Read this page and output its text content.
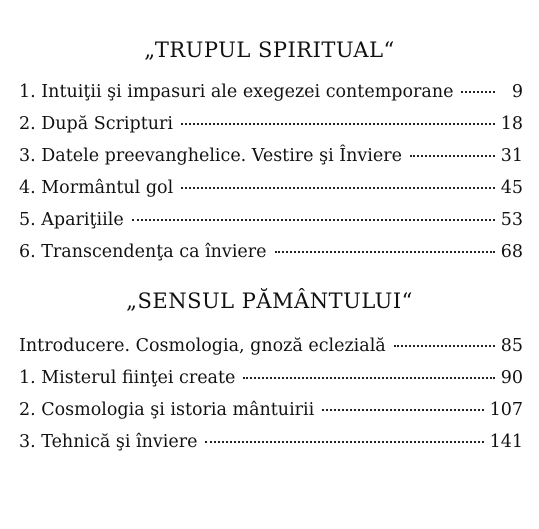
„TRUPUL SPIRITUAL“
1. Intuiţii şi impasuri ale exegezei contemporane	9
2. După Scripturi	18
3. Datele preevanghelice. Vestire şi Înviere	31
4. Mormântul gol	45
5. Apariţiile	53
6. Transcendenţa ca înviere	68
„SENSUL PĂMÂNTULUI“
Introducere. Cosmologia, gnoză eclezială	85
1. Misterul fiinţei create	90
2. Cosmologia şi istoria mântuirii	107
3. Tehnică şi înviere	141
